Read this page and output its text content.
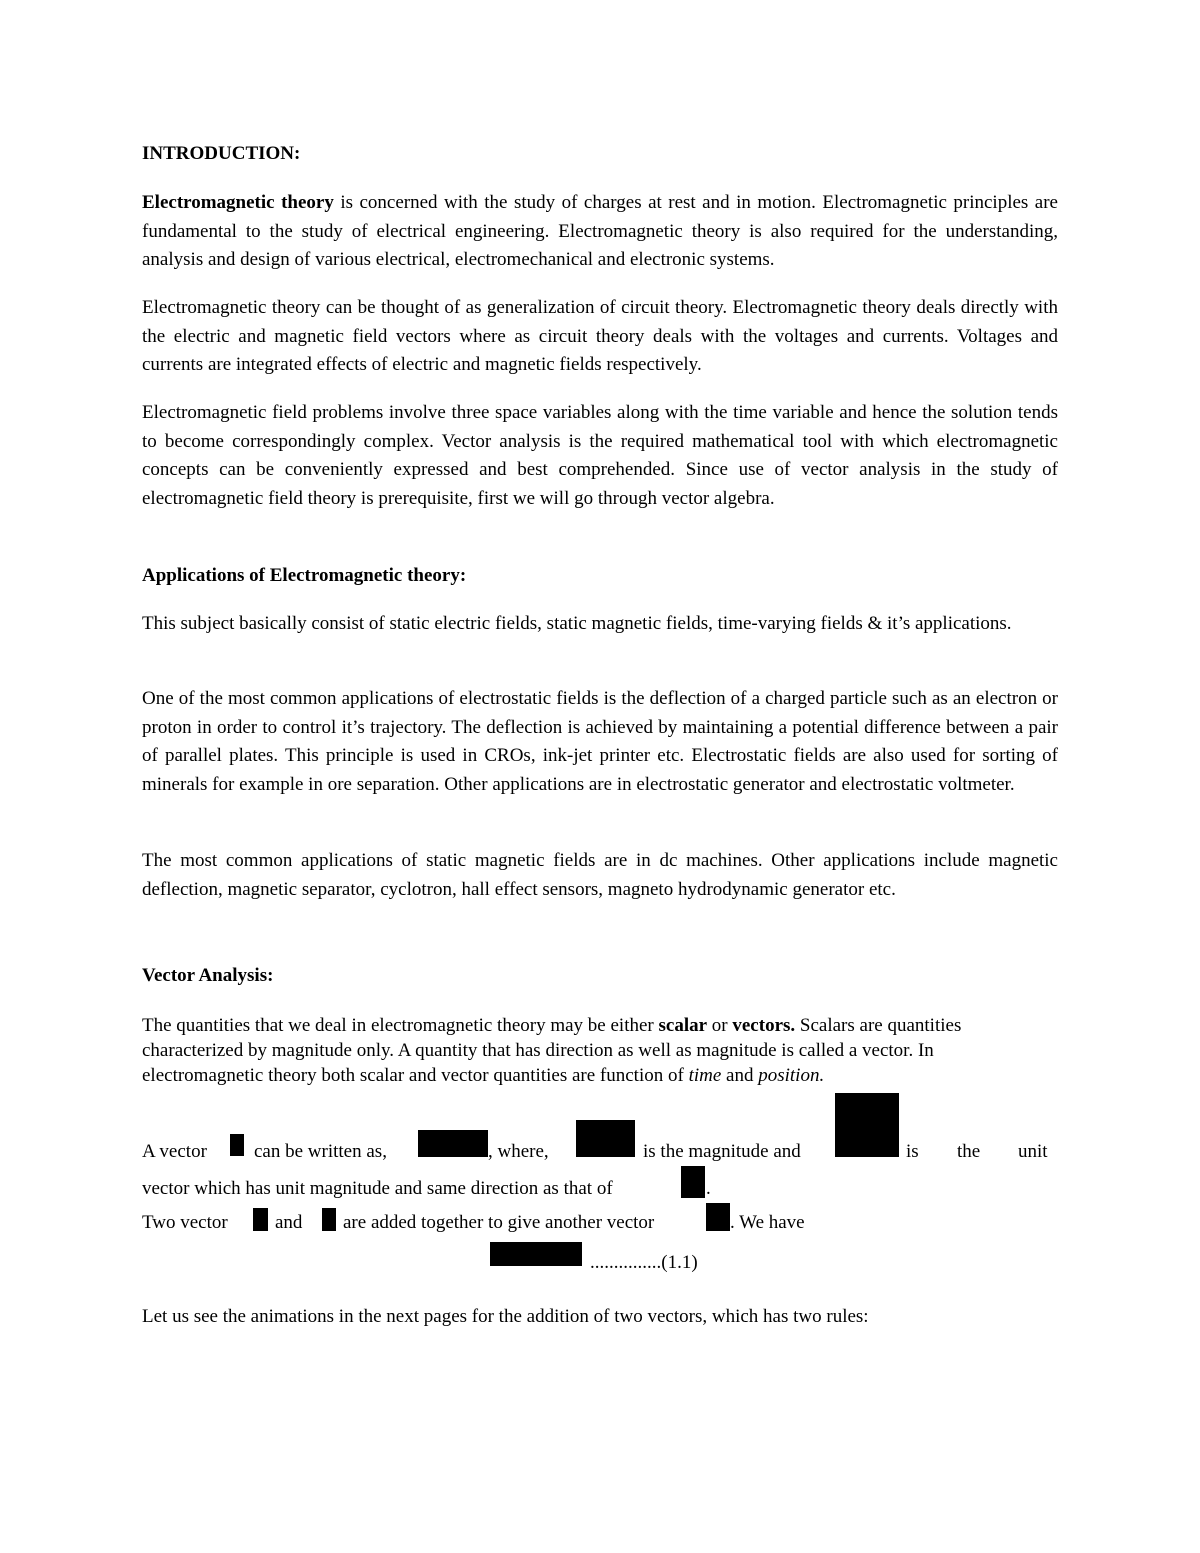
INTRODUCTION:
Electromagnetic theory is concerned with the study of charges at rest and in motion. Electromagnetic principles are fundamental to the study of electrical engineering. Electromagnetic theory is also required for the understanding, analysis and design of various electrical, electromechanical and electronic systems.
Electromagnetic theory can be thought of as generalization of circuit theory. Electromagnetic theory deals directly with the electric and magnetic field vectors where as circuit theory deals with the voltages and currents. Voltages and currents are integrated effects of electric and magnetic fields respectively.
Electromagnetic field problems involve three space variables along with the time variable and hence the solution tends to become correspondingly complex. Vector analysis is the required mathematical tool with which electromagnetic concepts can be conveniently expressed and best comprehended. Since use of vector analysis in the study of electromagnetic field theory is prerequisite, first we will go through vector algebra.
Applications of Electromagnetic theory:
This subject basically consist of static electric fields, static magnetic fields, time-varying fields & it’s applications.
One of the most common applications of electrostatic fields is the deflection of a charged particle such as an electron or proton in order to control it’s trajectory. The deflection is achieved by maintaining a potential difference between a pair of parallel plates. This principle is used in CROs, ink-jet printer etc. Electrostatic fields are also used for sorting of minerals for example in ore separation. Other applications are in electrostatic generator and electrostatic voltmeter.
The most common applications of static magnetic fields are in dc machines. Other applications include magnetic deflection, magnetic separator, cyclotron, hall effect sensors, magneto hydrodynamic generator etc.
Vector Analysis:
The quantities that we deal in electromagnetic theory may be either scalar or vectors. Scalars are quantities characterized by magnitude only. A quantity that has direction as well as magnitude is called a vector. In electromagnetic theory both scalar and vector quantities are function of time and position.
A vector can be written as,	, where,	is the magnitude and	is the unit
vector which has unit magnitude and same direction as that of	.
Two vector and are added together to give another vector	. We have
...............(1.1)
Let us see the animations in the next pages for the addition of two vectors, which has two rules:
